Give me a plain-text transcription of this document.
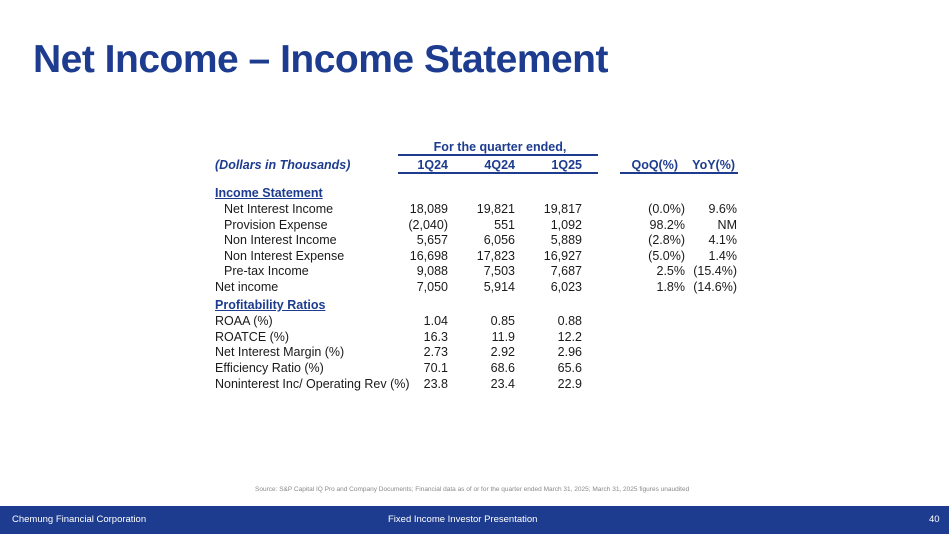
Net Income – Income Statement
For the quarter ended,
(Dollars in Thousands)	1Q24	4Q24	1Q25	QoQ(%)	YoY(%)
Income Statement
Profitability Ratios
Net Interest Income	18,089	19,821	19,817	(0.0%)	9.6%
Provision Expense	(2,040)	551	1,092	98.2%	NM
Non Interest Income	5,657	6,056	5,889	(2.8%)	4.1%
Non Interest Expense	16,698	17,823	16,927	(5.0%)	1.4%
Pre-tax Income	9,088	7,503	7,687	2.5% (15.4%)
Net income	7,050	5,914	6,023	1.8% (14.6%)
ROAA (%)	1.04	0.85	0.88
ROATCE (%)	16.3	11.9	12.2
Net Interest Margin (%)	2.73	2.92	2.96
Efficiency Ratio (%)	70.1	68.6	65.6
Noninterest Inc/ Operating Rev (%)	23.8	23.4	22.9
Source: S&P Capital IQ Pro and Company Documents; Financial data as of or for the quarter ended March 31, 2025; March 31, 2025 figures unaudited
Chemung Financial Corporation	Fixed Income Investor Presentation	40
